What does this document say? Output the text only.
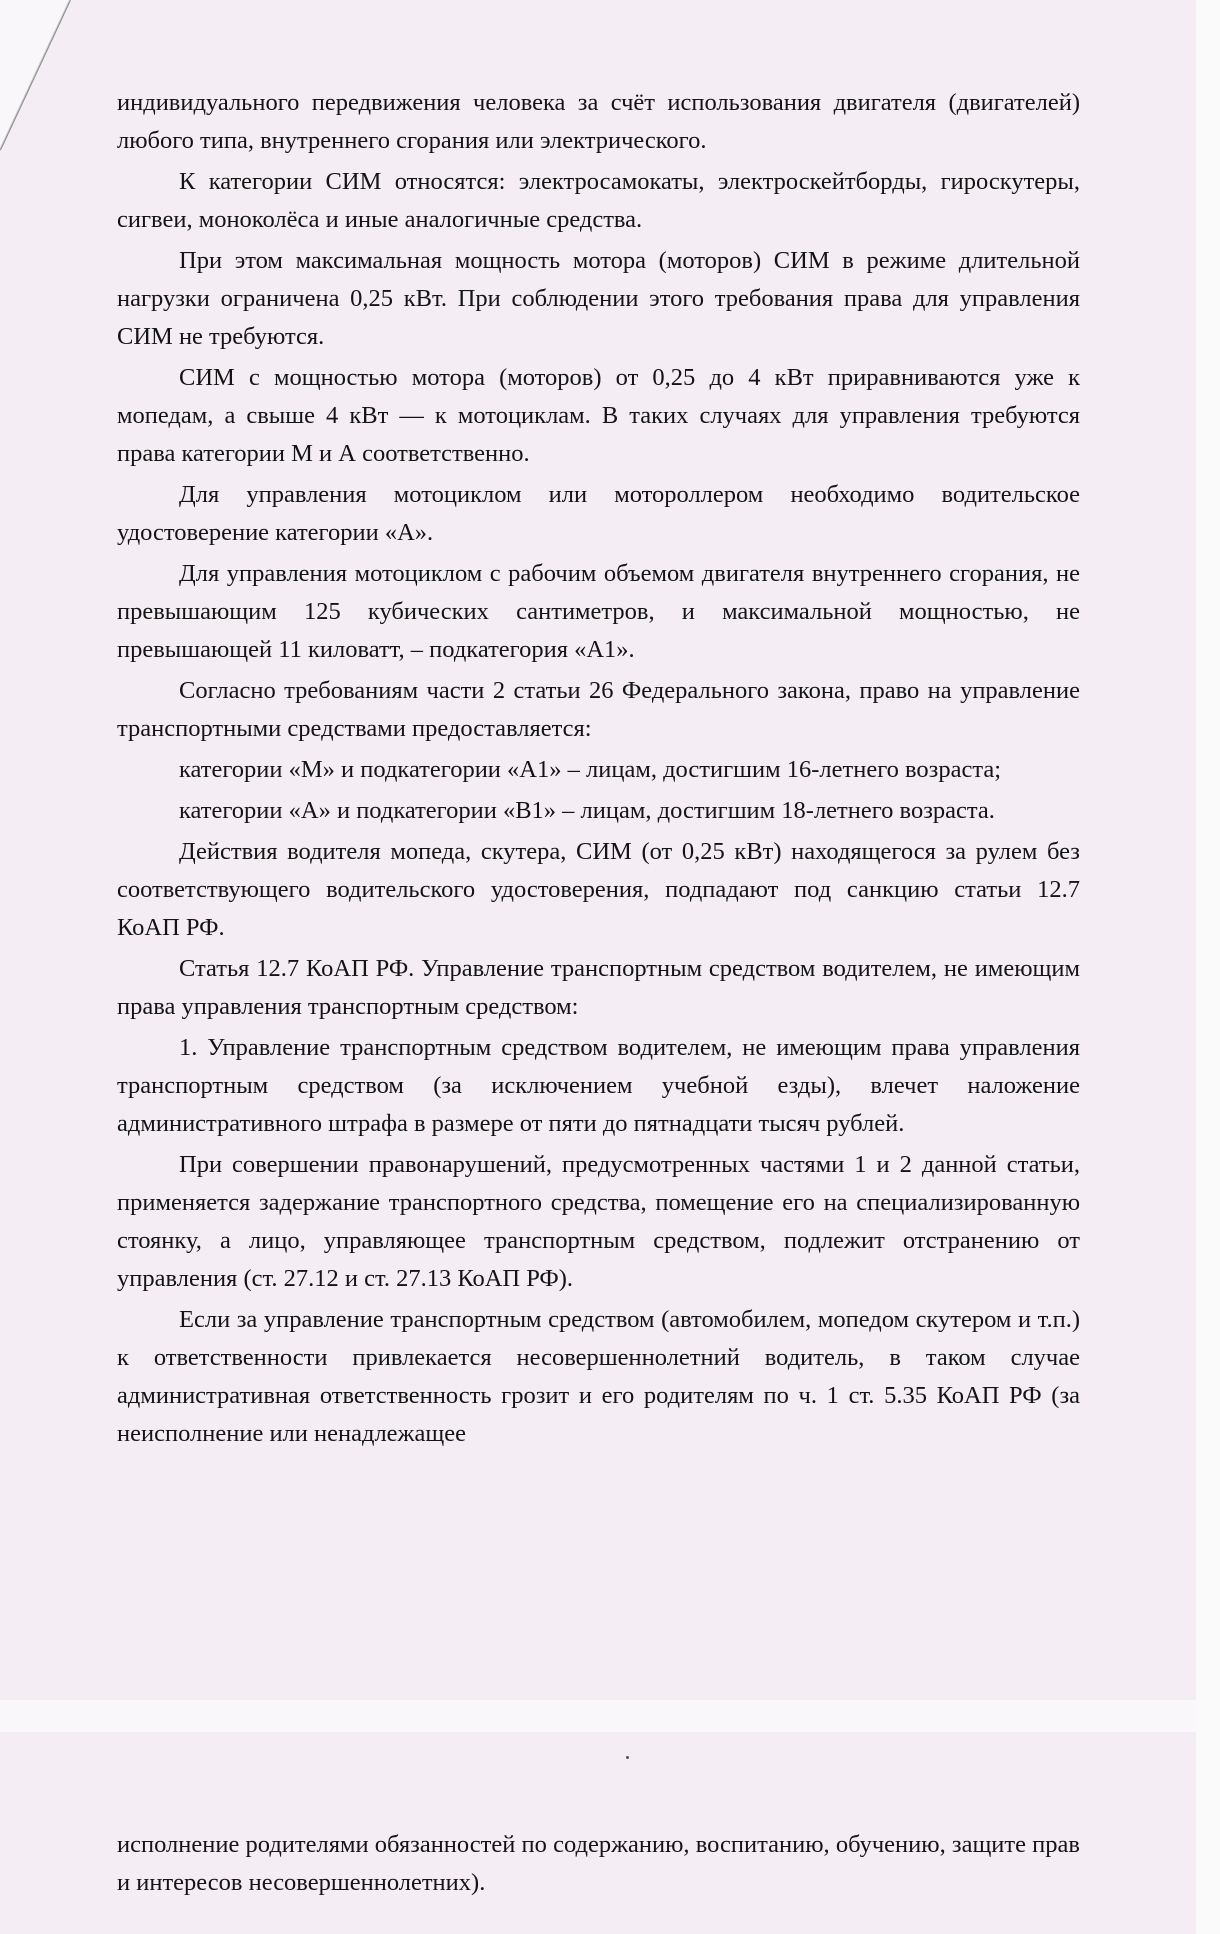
индивидуального передвижения человека за счёт использования двигателя (двигателей) любого типа, внутреннего сгорания или электрического.

К категории СИМ относятся: электросамокаты, электроскейтборды, гироскутеры, сигвеи, моноколёса и иные аналогичные средства.

При этом максимальная мощность мотора (моторов) СИМ в режиме длительной нагрузки ограничена 0,25 кВт. При соблюдении этого требования права для управления СИМ не требуются.

СИМ с мощностью мотора (моторов) от 0,25 до 4 кВт приравниваются уже к мопедам, а свыше 4 кВт — к мотоциклам. В таких случаях для управления требуются права категории М и А соответственно.

Для управления мотоциклом или мотороллером необходимо водительское удостоверение категории «А».

Для управления мотоциклом с рабочим объемом двигателя внутреннего сгорания, не превышающим 125 кубических сантиметров, и максимальной мощностью, не превышающей 11 киловатт, – подкатегория «А1».

Согласно требованиям части 2 статьи 26 Федерального закона, право на управление транспортными средствами предоставляется:

категории «М» и подкатегории «А1» – лицам, достигшим 16-летнего возраста;

категории «А» и подкатегории «В1» – лицам, достигшим 18-летнего возраста.

Действия водителя мопеда, скутера, СИМ (от 0,25 кВт) находящегося за рулем без соответствующего водительского удостоверения, подпадают под санкцию статьи 12.7 КоАП РФ.

Статья 12.7 КоАП РФ. Управление транспортным средством водителем, не имеющим права управления транспортным средством:

1. Управление транспортным средством водителем, не имеющим права управления транспортным средством (за исключением учебной езды), влечет наложение административного штрафа в размере от пяти до пятнадцати тысяч рублей.

При совершении правонарушений, предусмотренных частями 1 и 2 данной статьи, применяется задержание транспортного средства, помещение его на специализированную стоянку, а лицо, управляющее транспортным средством, подлежит отстранению от управления (ст. 27.12 и ст. 27.13 КоАП РФ).

Если за управление транспортным средством (автомобилем, мопедом скутером и т.п.) к ответственности привлекается несовершеннолетний водитель, в таком случае административная ответственность грозит и его родителям по ч. 1 ст. 5.35 КоАП РФ (за неисполнение или ненадлежащее

исполнение родителями обязанностей по содержанию, воспитанию, обучению, защите прав и интересов несовершеннолетних).
